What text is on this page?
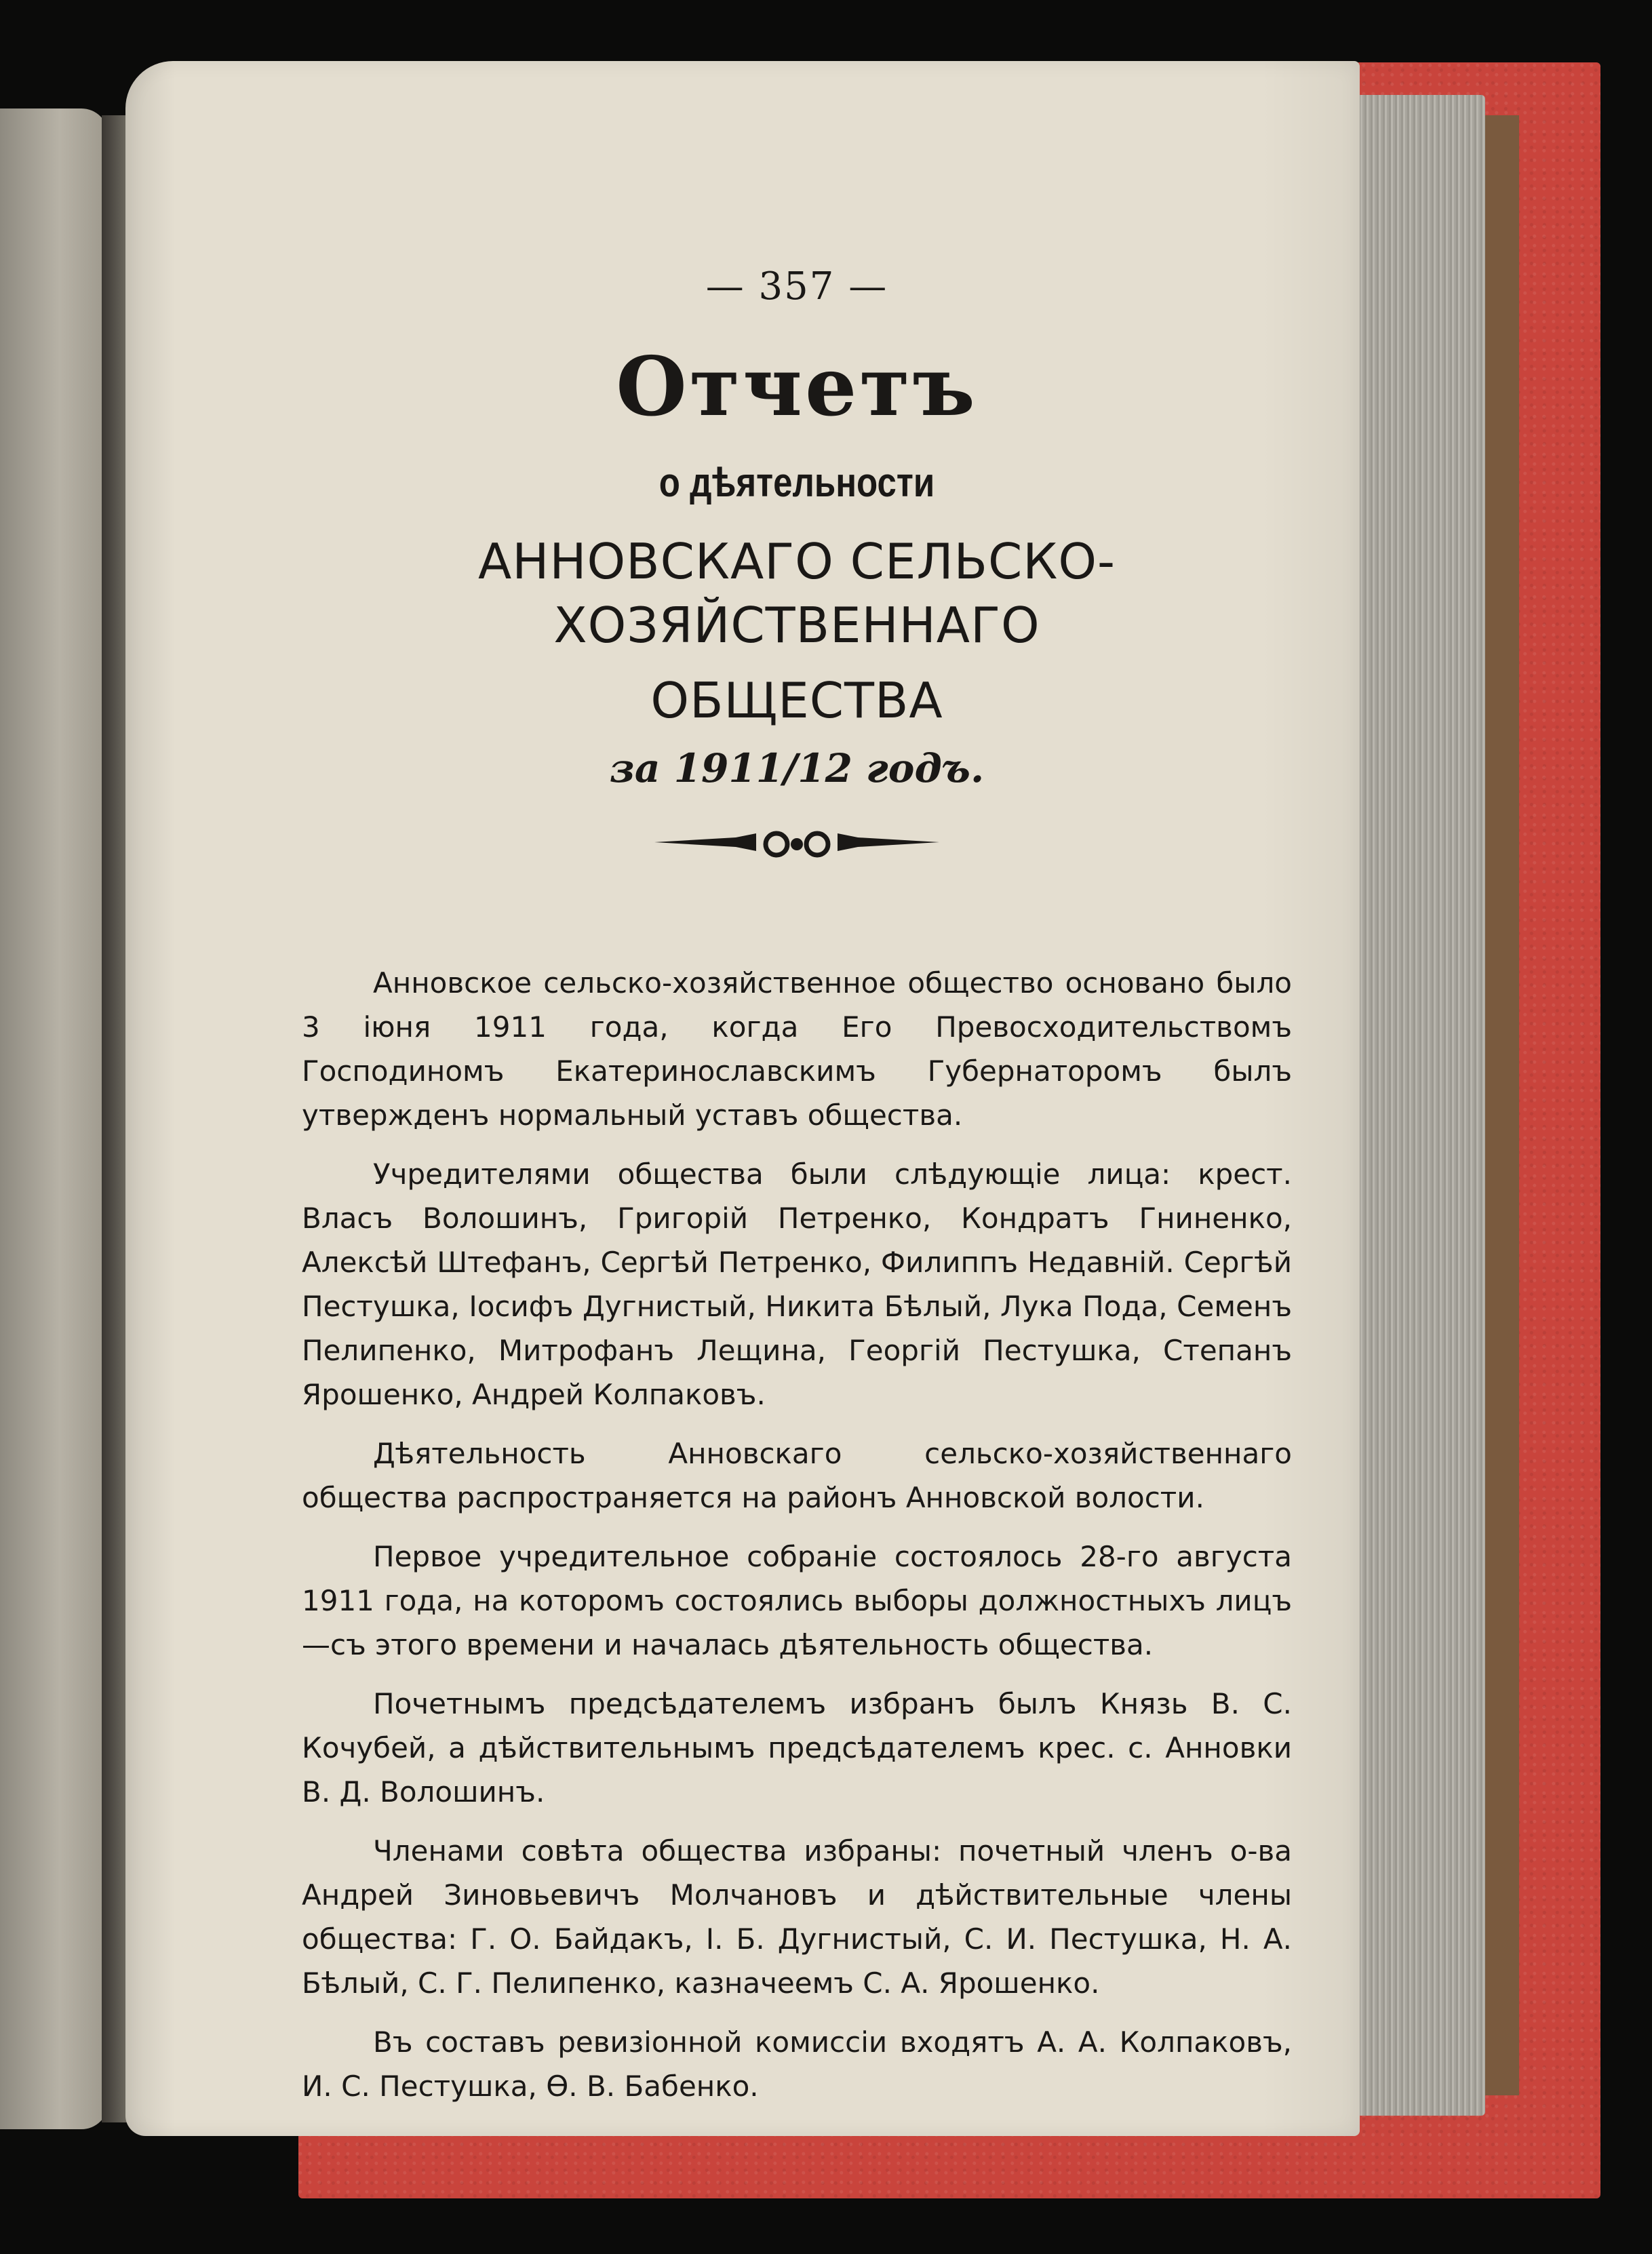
— 357 —
Отчетъ
о дѣятельности
АННОВСКАГО СЕЛЬСКО-ХОЗЯЙСТВЕННАГО
ОБЩЕСТВА
за 1911/12 годъ.

Анновское сельско-хозяйственное общество основано было 3 іюня 1911 года, когда Его Превосходительствомъ Господиномъ Екатеринославскимъ Губернаторомъ былъ утвержденъ нормальный уставъ общества.

Учредителями общества были слѣдующіе лица: крест. Власъ Волошинъ, Григорій Петренко, Кондратъ Гниненко, Алексѣй Штефанъ, Сергѣй Петренко, Филиппъ Недавній. Сергѣй Пестушка, Іосифъ Дугнистый, Никита Бѣлый, Лука Пода, Семенъ Пелипенко, Митрофанъ Лещина, Георгій Пестушка, Степанъ Ярошенко, Андрей Колпаковъ.

Дѣятельность Анновскаго сельско-хозяйственнаго общества распространяется на районъ Анновской волости.

Первое учредительное собраніе состоялось 28-го августа 1911 года, на которомъ состоялись выборы должностныхъ лицъ—съ этого времени и началась дѣятельность общества.

Почетнымъ предсѣдателемъ избранъ былъ Князь В. С. Кочубей, а дѣйствительнымъ предсѣдателемъ крес. с. Анновки В. Д. Волошинъ.

Членами совѣта общества избраны: почетный членъ о-ва Андрей Зиновьевичъ Молчановъ и дѣйствительные члены общества: Г. О. Байдакъ, І. Б. Дугнистый, С. И. Пестушка, Н. А. Бѣлый, С. Г. Пелипенко, казначеемъ С. А. Ярошенко.

Въ составъ ревизіонной комиссіи входятъ А. А. Колпаковъ, И. С. Пестушка, Ѳ. В. Бабенко.
